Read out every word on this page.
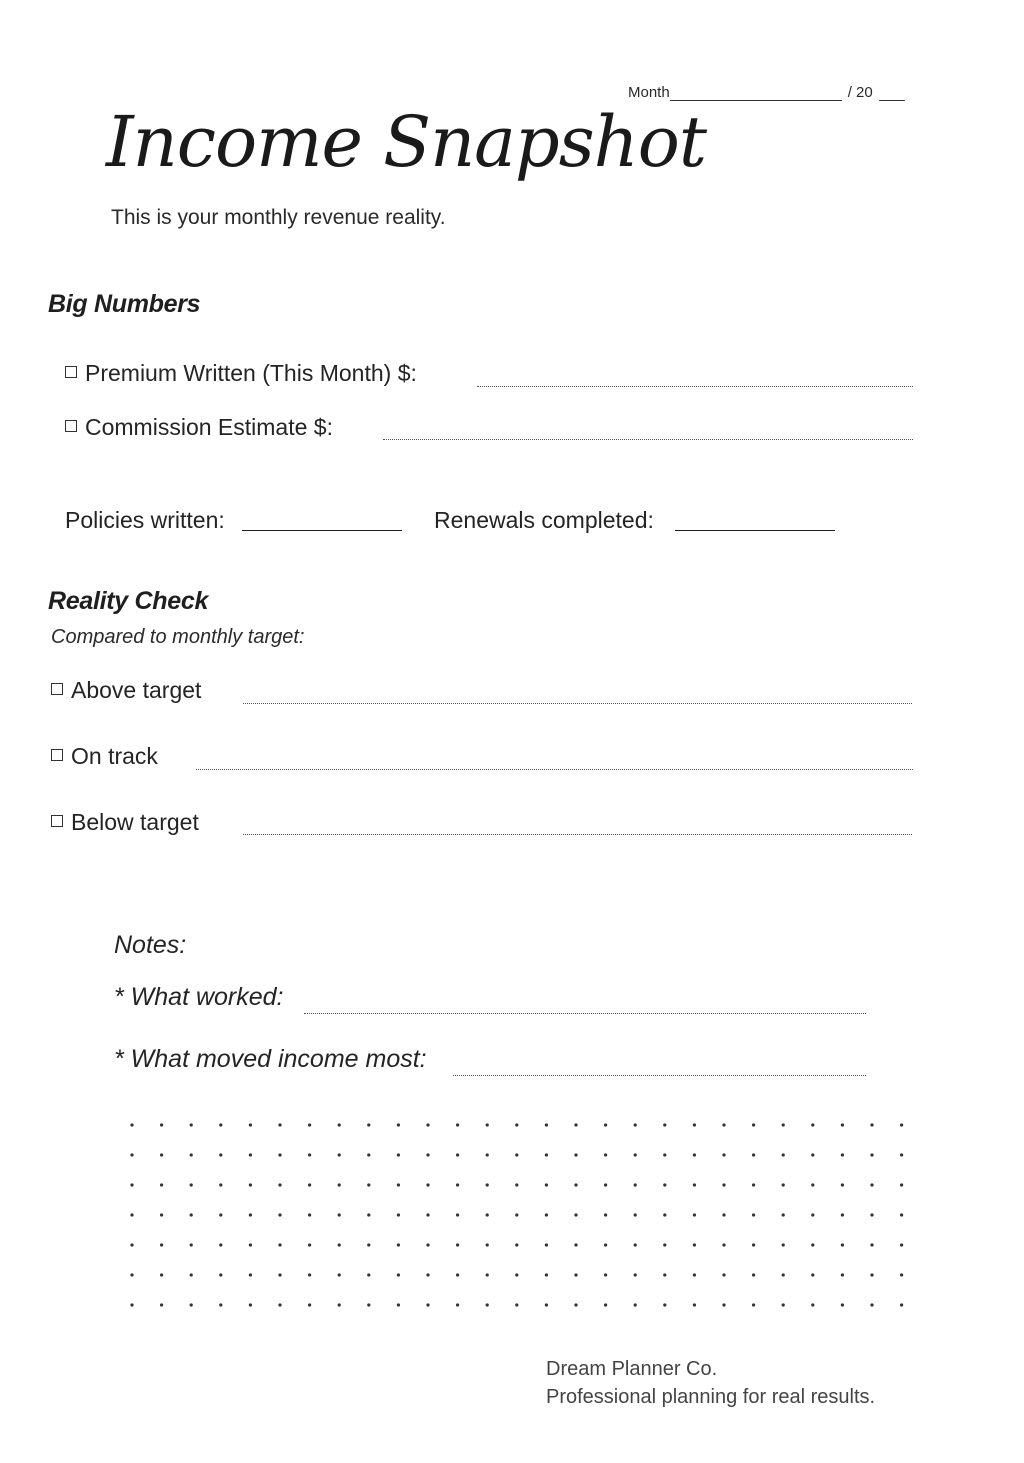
Month	/ 20
Income Snapshot
This is your monthly revenue reality.
Big Numbers
Premium Written (This Month) $:
Commission Estimate $:
Policies written:	Renewals completed:
Reality Check
Compared to monthly target:
Above target
On track
Below target
Notes:
* What worked:
* What moved income most:
Dream Planner Co.
Professional planning for real results.
